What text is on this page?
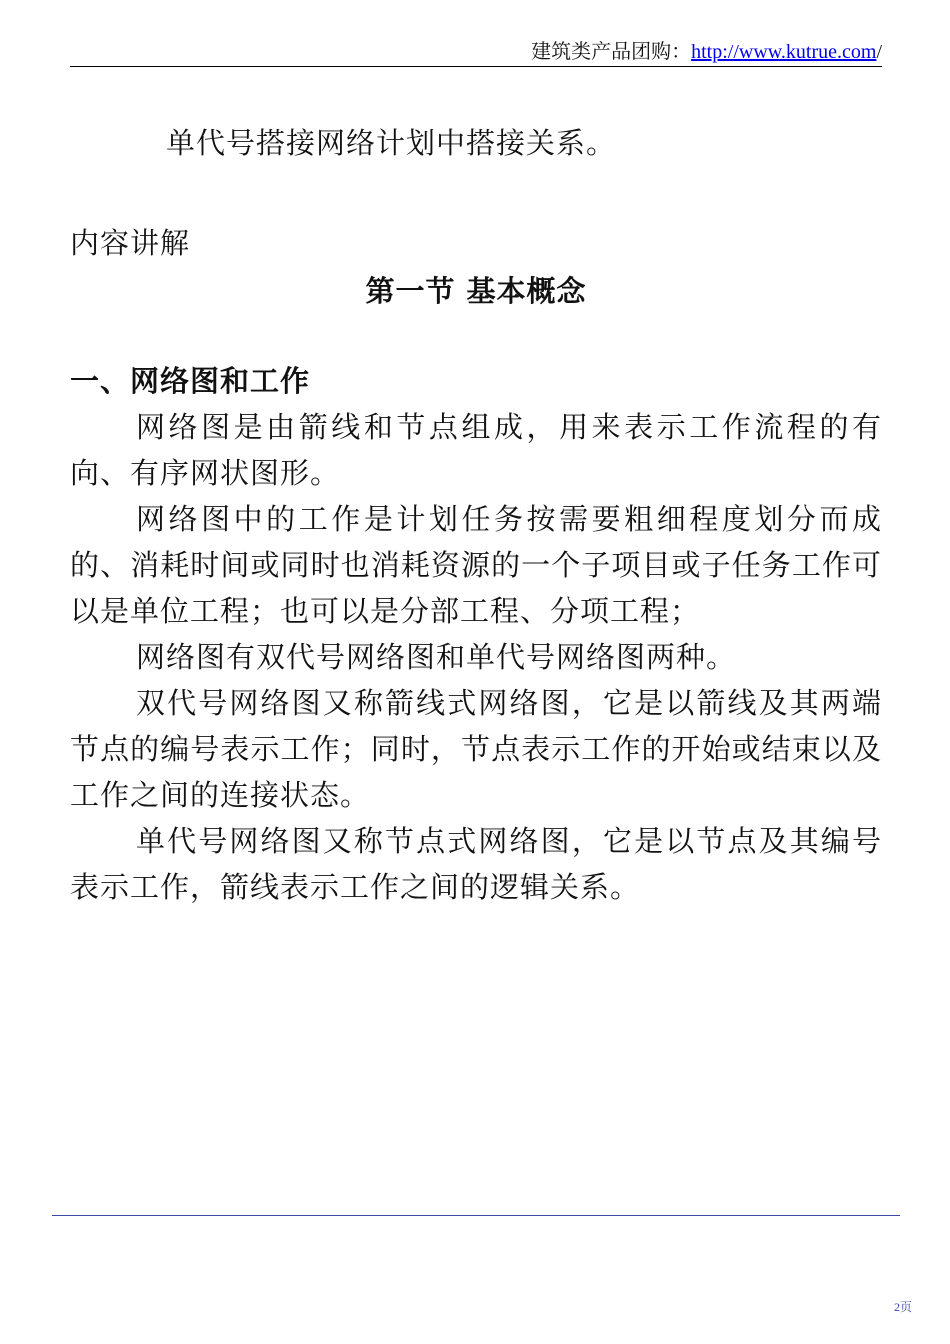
建筑类产品团购：http://www.kutrue.com/

单代号搭接网络计划中搭接关系。

内容讲解

第一节 基本概念

一、网络图和工作

网络图是由箭线和节点组成，用来表示工作流程的有向、有序网状图形。

网络图中的工作是计划任务按需要粗细程度划分而成的、消耗时间或同时也消耗资源的一个子项目或子任务工作可以是单位工程；也可以是分部工程、分项工程；

网络图有双代号网络图和单代号网络图两种。

双代号网络图又称箭线式网络图，它是以箭线及其两端节点的编号表示工作；同时，节点表示工作的开始或结束以及工作之间的连接状态。

单代号网络图又称节点式网络图，它是以节点及其编号表示工作，箭线表示工作之间的逻辑关系。

2页
